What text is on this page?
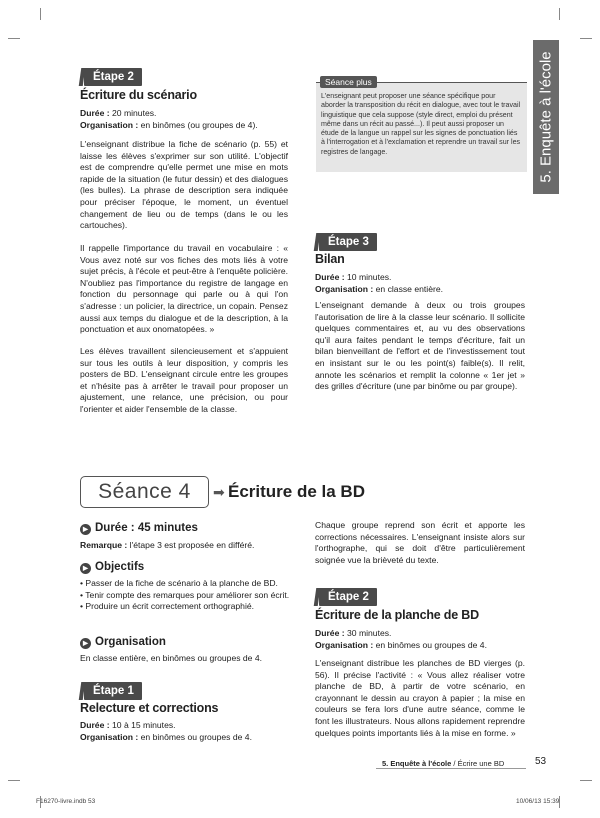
5. Enquête à l'école
Étape 2
Écriture du scénario
Durée : 20 minutes.
Organisation : en binômes (ou groupes de 4).
L'enseignant distribue la fiche de scénario (p. 55) et laisse les élèves s'exprimer sur son utilité. L'objectif est de comprendre qu'elle permet une mise en mots rapide de la situation (le futur dessin) et des dialogues (les bulles). La phrase de description sera indiquée pour préciser l'époque, le moment, un éventuel changement de lieu ou de temps (dans le ou les cartouches).
Il rappelle l'importance du travail en vocabulaire : « Vous avez noté sur vos fiches des mots liés à votre sujet précis, à l'école et peut-être à l'enquête policière. N'oubliez pas l'importance du registre de langage en fonction du personnage qui parle ou à qui l'on s'adresse : un policier, la directrice, un copain. Pensez aussi aux temps du dialogue et de la description, à la ponctuation et aux onomatopées. »
Les élèves travaillent silencieusement et s'appuient sur tous les outils à leur disposition, y compris les posters de BD. L'enseignant circule entre les groupes et n'hésite pas à arrêter le travail pour proposer un ajustement, une relance, une précision, ou pour l'orienter et aider l'ensemble de la classe.
Séance plus
L'enseignant peut proposer une séance spécifique pour aborder la transposition du récit en dialogue, avec tout le travail linguistique que cela suppose (style direct, emploi du présent même dans un récit au passé...). Il peut aussi proposer un étude de la langue un rappel sur les signes de ponctuation liés à l'interrogation et à l'exclamation et reprendre un travail sur les registres de langage.
Étape 3
Bilan
Durée : 10 minutes.
Organisation : en classe entière.
L'enseignant demande à deux ou trois groupes l'autorisation de lire à la classe leur scénario. Il sollicite quelques commentaires et, au vu des observations qu'il aura faites pendant le temps d'écriture, fait un bilan bienveillant de l'effort et de l'investissement tout en insistant sur le ou les point(s) faible(s). Il relit, annote les scénarios et remplit la colonne « 1er jet » des grilles d'écriture (une par binôme ou par groupe).
Séance 4	➡ Écriture de la BD
▶ Durée : 45 minutes
Remarque : l'étape 3 est proposée en différé.
▶ Objectifs
• Passer de la fiche de scénario à la planche de BD.
• Tenir compte des remarques pour améliorer son écrit.
• Produire un écrit correctement orthographié.
▶ Organisation
En classe entière, en binômes ou groupes de 4.
Étape 1
Relecture et corrections
Durée : 10 à 15 minutes.
Organisation : en binômes ou groupes de 4.
Chaque groupe reprend son écrit et apporte les corrections nécessaires. L'enseignant insiste alors sur l'orthographe, qui se doit d'être particulièrement soignée vue la brièveté du texte.
Étape 2
Écriture de la planche de BD
Durée : 30 minutes.
Organisation : en binômes ou groupes de 4.
L'enseignant distribue les planches de BD vierges (p. 56). Il précise l'activité : « Vous allez réaliser votre planche de BD, à partir de votre scénario, en crayonnant le dessin au crayon à papier ; la mise en couleurs se fera lors d'une autre séance, comme le font les illustrateurs. Nous allons rapidement reprendre quelques points importants liés à la mise en forme. »
5. Enquête à l'école / Écrire une BD	53
F16270-livre.indb 53	10/06/13 15:39
